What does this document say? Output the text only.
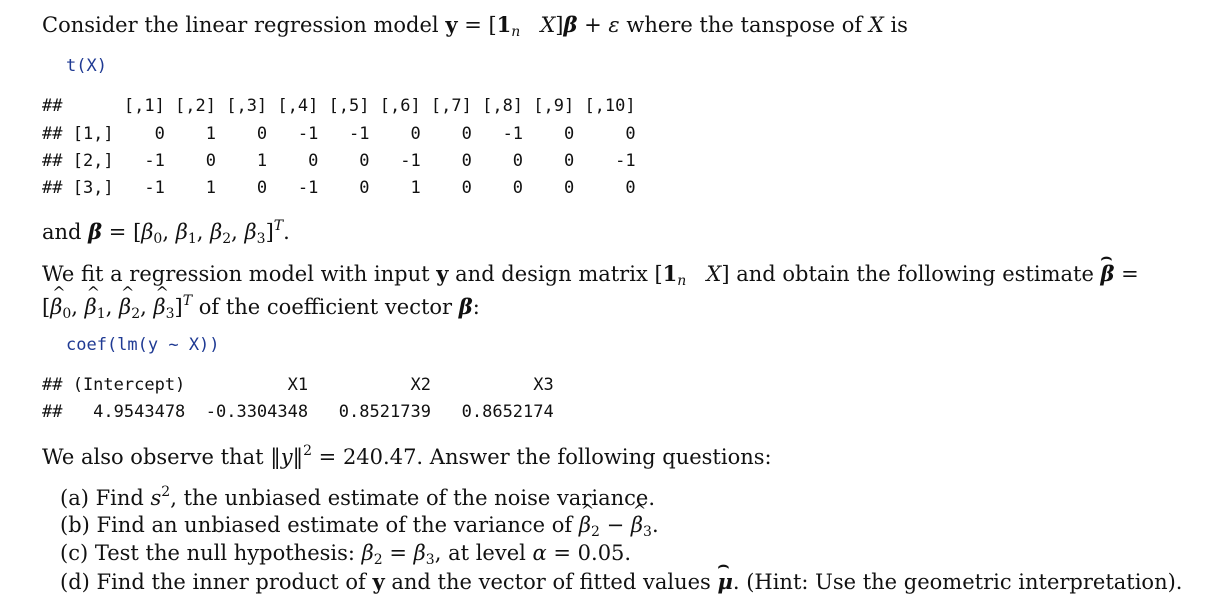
Consider the linear regression model $y = [1_n$ X]β + ε where the tanspose of X is
t(X)
##      [,1] [,2] [,3] [,4] [,5] [,6] [,7] [,8] [,9] [,10]
## [1,]    0    1    0   -1   -1    0    0   -1    0     0
## [2,]   -1    0    1    0    0   -1    0    0    0    -1
## [3,]   -1    1    0   -1    0    1    0    0    0     0
and $\beta = [\beta_0$, $\beta_1$, $\beta_2$, $\beta_3]^T$.
We fit a regression model with input y and design matrix [$1_n$ X] and obtain the following estimate ⌢ β =
[^ $\beta_0$, ^ $\beta_1$, ^ $\beta_2$, ^ $\beta_3]^T$ of the coefficient vector β:
coef(lm(y ~ X))
## (Intercept)          X1          X2          X3
##   4.9543478  -0.3304348   0.8521739   0.8652174
We also observe that ‖y‖$^2$ = 240.47. Answer the following questions:
(a) Find $s^2$, the unbiased estimate of the noise variance.
(b) Find an unbiased estimate of the variance of ^ $\beta_2$ − ^ $\beta_3$.
(c) Test the null hypothesis: $\beta_2 = \beta_3$, at level α = 0.05.
(d) Find the inner product of y and the vector of fitted values ⌢ μ. (Hint: Use the geometric interpretation).
